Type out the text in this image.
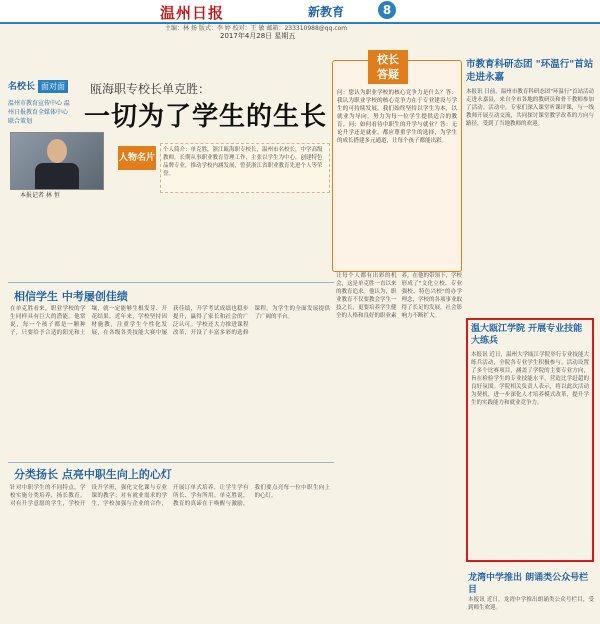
温州日报	新教育	8
主编：林 扬 版式：李 婷 校对：王 敏 邮箱：233310988@qq.com
2017年4月28日 星期五
名校长 面对面
温州市教育宣传中心 温州日报教育全媒体中心 联合策划
瓯海职专校长单克胜：
一切为了学生的生长
本报记者 林 恒
人物名片
个人简介：单克胜，浙江瓯海职专校长，温州市名校长，中学高级教师。长期从事职业教育管理工作，主张以学生为中心，创建特色品牌专业，推动学校内涵发展，曾获浙江省职业教育先进个人等荣誉。
问：您认为职业学校的核心竞争力是什么？答：我认为职业学校的核心竞争力在于专业建设与学生的可持续发展。我们始终坚持以学生为本，以就业为导向，努力为每一位学生提供适合的教育。问：如何看待中职生的升学与就业？答：无论升学还是就业，都应尊重学生的选择，为学生的成长搭建多元通道，让每个孩子都能出彩。
校长
答疑
市教育科研态团 "环温行"首站走进永嘉
本报讯 日前，温州市教育科研态团"环温行"首站活动走进永嘉县，来自全市各地的教研员和骨干教师参加了活动。活动中，专家们深入课堂听课评课，与一线教师开展互动交流，共同探讨课堂教学改革的方向与路径，受到了当地教师的欢迎。
相信学生 中考屡创佳绩
在单克胜看来，职业学校的学生同样具有巨大的潜能。他常说，每一个孩子都是一颗种子，只要给予合适的阳光和土壤，就一定能够生根发芽、开花结果。近年来，学校坚持因材施教，注重学生个性化发展，在各级各类技能大赛中屡获佳绩，升学考试成绩也稳步提升，赢得了家长和社会的广泛认可。学校还大力推进课程改革，开设了丰富多彩的选修课程，为学生的全面发展提供了广阔的平台。
分类扬长 点亮中职生向上的心灯
针对中职学生的不同特点，学校实施分类培养，扬长教育。对有升学意愿的学生，学校开设升学班，强化文化课与专业课的教学；对有就业需求的学生，学校加强与企业的合作，开展订单式培养，让学生学有所长、学有所用。单克胜说，教育的真谛在于唤醒与激励，我们要点亮每一位中职生向上的心灯。
让每个人都有出彩的机会，这是单克胜一直以来的教育追求。他认为，职业教育不仅要教会学生一技之长，更要培养学生健全的人格和良好的职业素养。在他的带领下，学校形成了"文化立校、专业强校、特色兴校"的办学理念，学校的各项事业取得了长足的发展，社会影响力不断扩大。
温大瓯江学院 开展专业技能大练兵
本报讯 近日，温州大学瓯江学院举行专业技能大练兵活动，全院各专业学生积极参与。活动设置了多个比赛项目，涵盖了学院的主要专业方向，旨在检验学生的专业技能水平，营造比学赶超的良好氛围。学院相关负责人表示，将以此次活动为契机，进一步深化人才培养模式改革，提升学生的实践能力和就业竞争力。
龙湾中学推出 朗诵类公众号栏目
本报讯 近日，龙湾中学推出朗诵类公众号栏目，受到师生欢迎。
